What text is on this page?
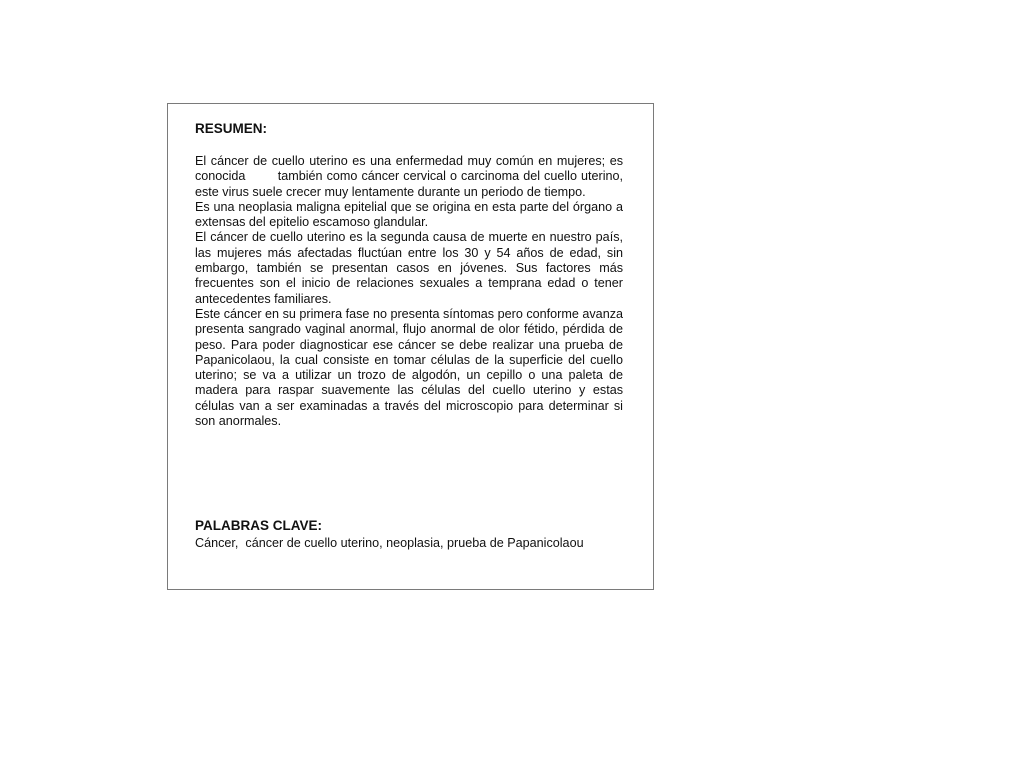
RESUMEN:

El cáncer de cuello uterino es una enfermedad muy común en mujeres; es conocida        también como cáncer cervical o carcinoma del cuello uterino, este virus suele crecer muy lentamente durante un periodo de tiempo.

Es una neoplasia maligna epitelial que se origina en esta parte del órgano a extensas del epitelio escamoso glandular.

El cáncer de cuello uterino es la segunda causa de muerte en nuestro país, las mujeres más afectadas fluctúan entre los 30 y 54 años de edad, sin embargo, también se presentan casos en jóvenes. Sus factores más frecuentes son el inicio de relaciones sexuales a temprana edad o tener antecedentes familiares.

Este cáncer en su primera fase no presenta síntomas pero conforme avanza presenta sangrado vaginal anormal, flujo anormal de olor fétido, pérdida de peso. Para poder diagnosticar ese cáncer se debe realizar una prueba de Papanicolaou, la cual consiste en tomar células de la superficie del cuello uterino; se va a utilizar un trozo de algodón, un cepillo o una paleta de madera para raspar suavemente las células del cuello uterino y estas células van a ser examinadas a través del microscopio para determinar si son anormales.

PALABRAS CLAVE:

Cáncer,  cáncer de cuello uterino, neoplasia, prueba de Papanicolaou
